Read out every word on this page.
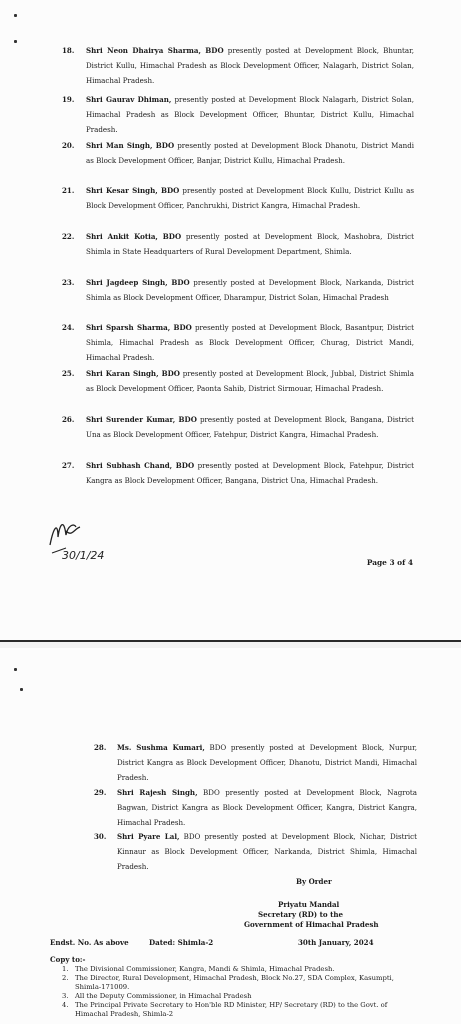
18. Shri Neon Dhairya Sharma, BDO presently posted at Development Block, Bhuntar, District Kullu, Himachal Pradesh as Block Development Officer, Nalagarh, District Solan, Himachal Pradesh.
19. Shri Gaurav Dhiman, presently posted at Development Block Nalagarh, District Solan, Himachal Pradesh as Block Development Officer, Bhuntar, District Kullu, Himachal Pradesh.
20. Shri Man Singh, BDO presently posted at Development Block Dhanotu, District Mandi as Block Development Officer, Banjar, District Kullu, Himachal Pradesh.
21. Shri Kesar Singh, BDO presently posted at Development Block Kullu, District Kullu as Block Development Officer, Panchrukhi, District Kangra, Himachal Pradesh.
22. Shri Ankit Kotia, BDO presently posted at Development Block, Mashobra, District Shimla in State Headquarters of Rural Development Department, Shimla.
23. Shri Jagdeep Singh, BDO presently posted at Development Block, Narkanda, District Shimla as Block Development Officer, Dharampur, District Solan, Himachal Pradesh
24. Shri Sparsh Sharma, BDO presently posted at Development Block, Basantpur, District Shimla, Himachal Pradesh as Block Development Officer, Churag, District Mandi, Himachal Pradesh.
25. Shri Karan Singh, BDO presently posted at Development Block, Jubbal, District Shimla as Block Development Officer, Paonta Sahib, District Sirmouar, Himachal Pradesh.
26. Shri Surender Kumar, BDO presently posted at Development Block, Bangana, District Una as Block Development Officer, Fatehpur, District Kangra, Himachal Pradesh.
27. Shri Subhash Chand, BDO presently posted at Development Block, Fatehpur, District Kangra as Block Development Officer, Bangana, District Una, Himachal Pradesh.
30/1/24
Page 3 of 4
28. Ms. Sushma Kumari, BDO presently posted at Development Block, Nurpur, District Kangra as Block Development Officer, Dhanotu, District Mandi, Himachal Pradesh.
29. Shri Rajesh Singh, BDO presently posted at Development Block, Nagrota Bagwan, District Kangra as Block Development Officer, Kangra, District Kangra, Himachal Pradesh.
30. Shri Pyare Lal, BDO presently posted at Development Block, Nichar, District Kinnaur as Block Development Officer, Narkanda, District Shimla, Himachal Pradesh.
By Order
Priyatu Mandal
Secretary (RD) to the
Government of Himachal Pradesh
Endst. No. As above	Dated: Shimla-2	30th January, 2024
Copy to:-
1. The Divisional Commissioner, Kangra, Mandi & Shimla, Himachal Pradesh.
2. The Director, Rural Development, Himachal Pradesh, Block No.27, SDA Complex, Kasumpti, Shimla-171009.
3. All the Deputy Commissioner, in Himachal Pradesh
4. The Principal Private Secretary to Hon'ble RD Minister, HP/ Secretary (RD) to the Govt. of Himachal Pradesh, Shimla-2
